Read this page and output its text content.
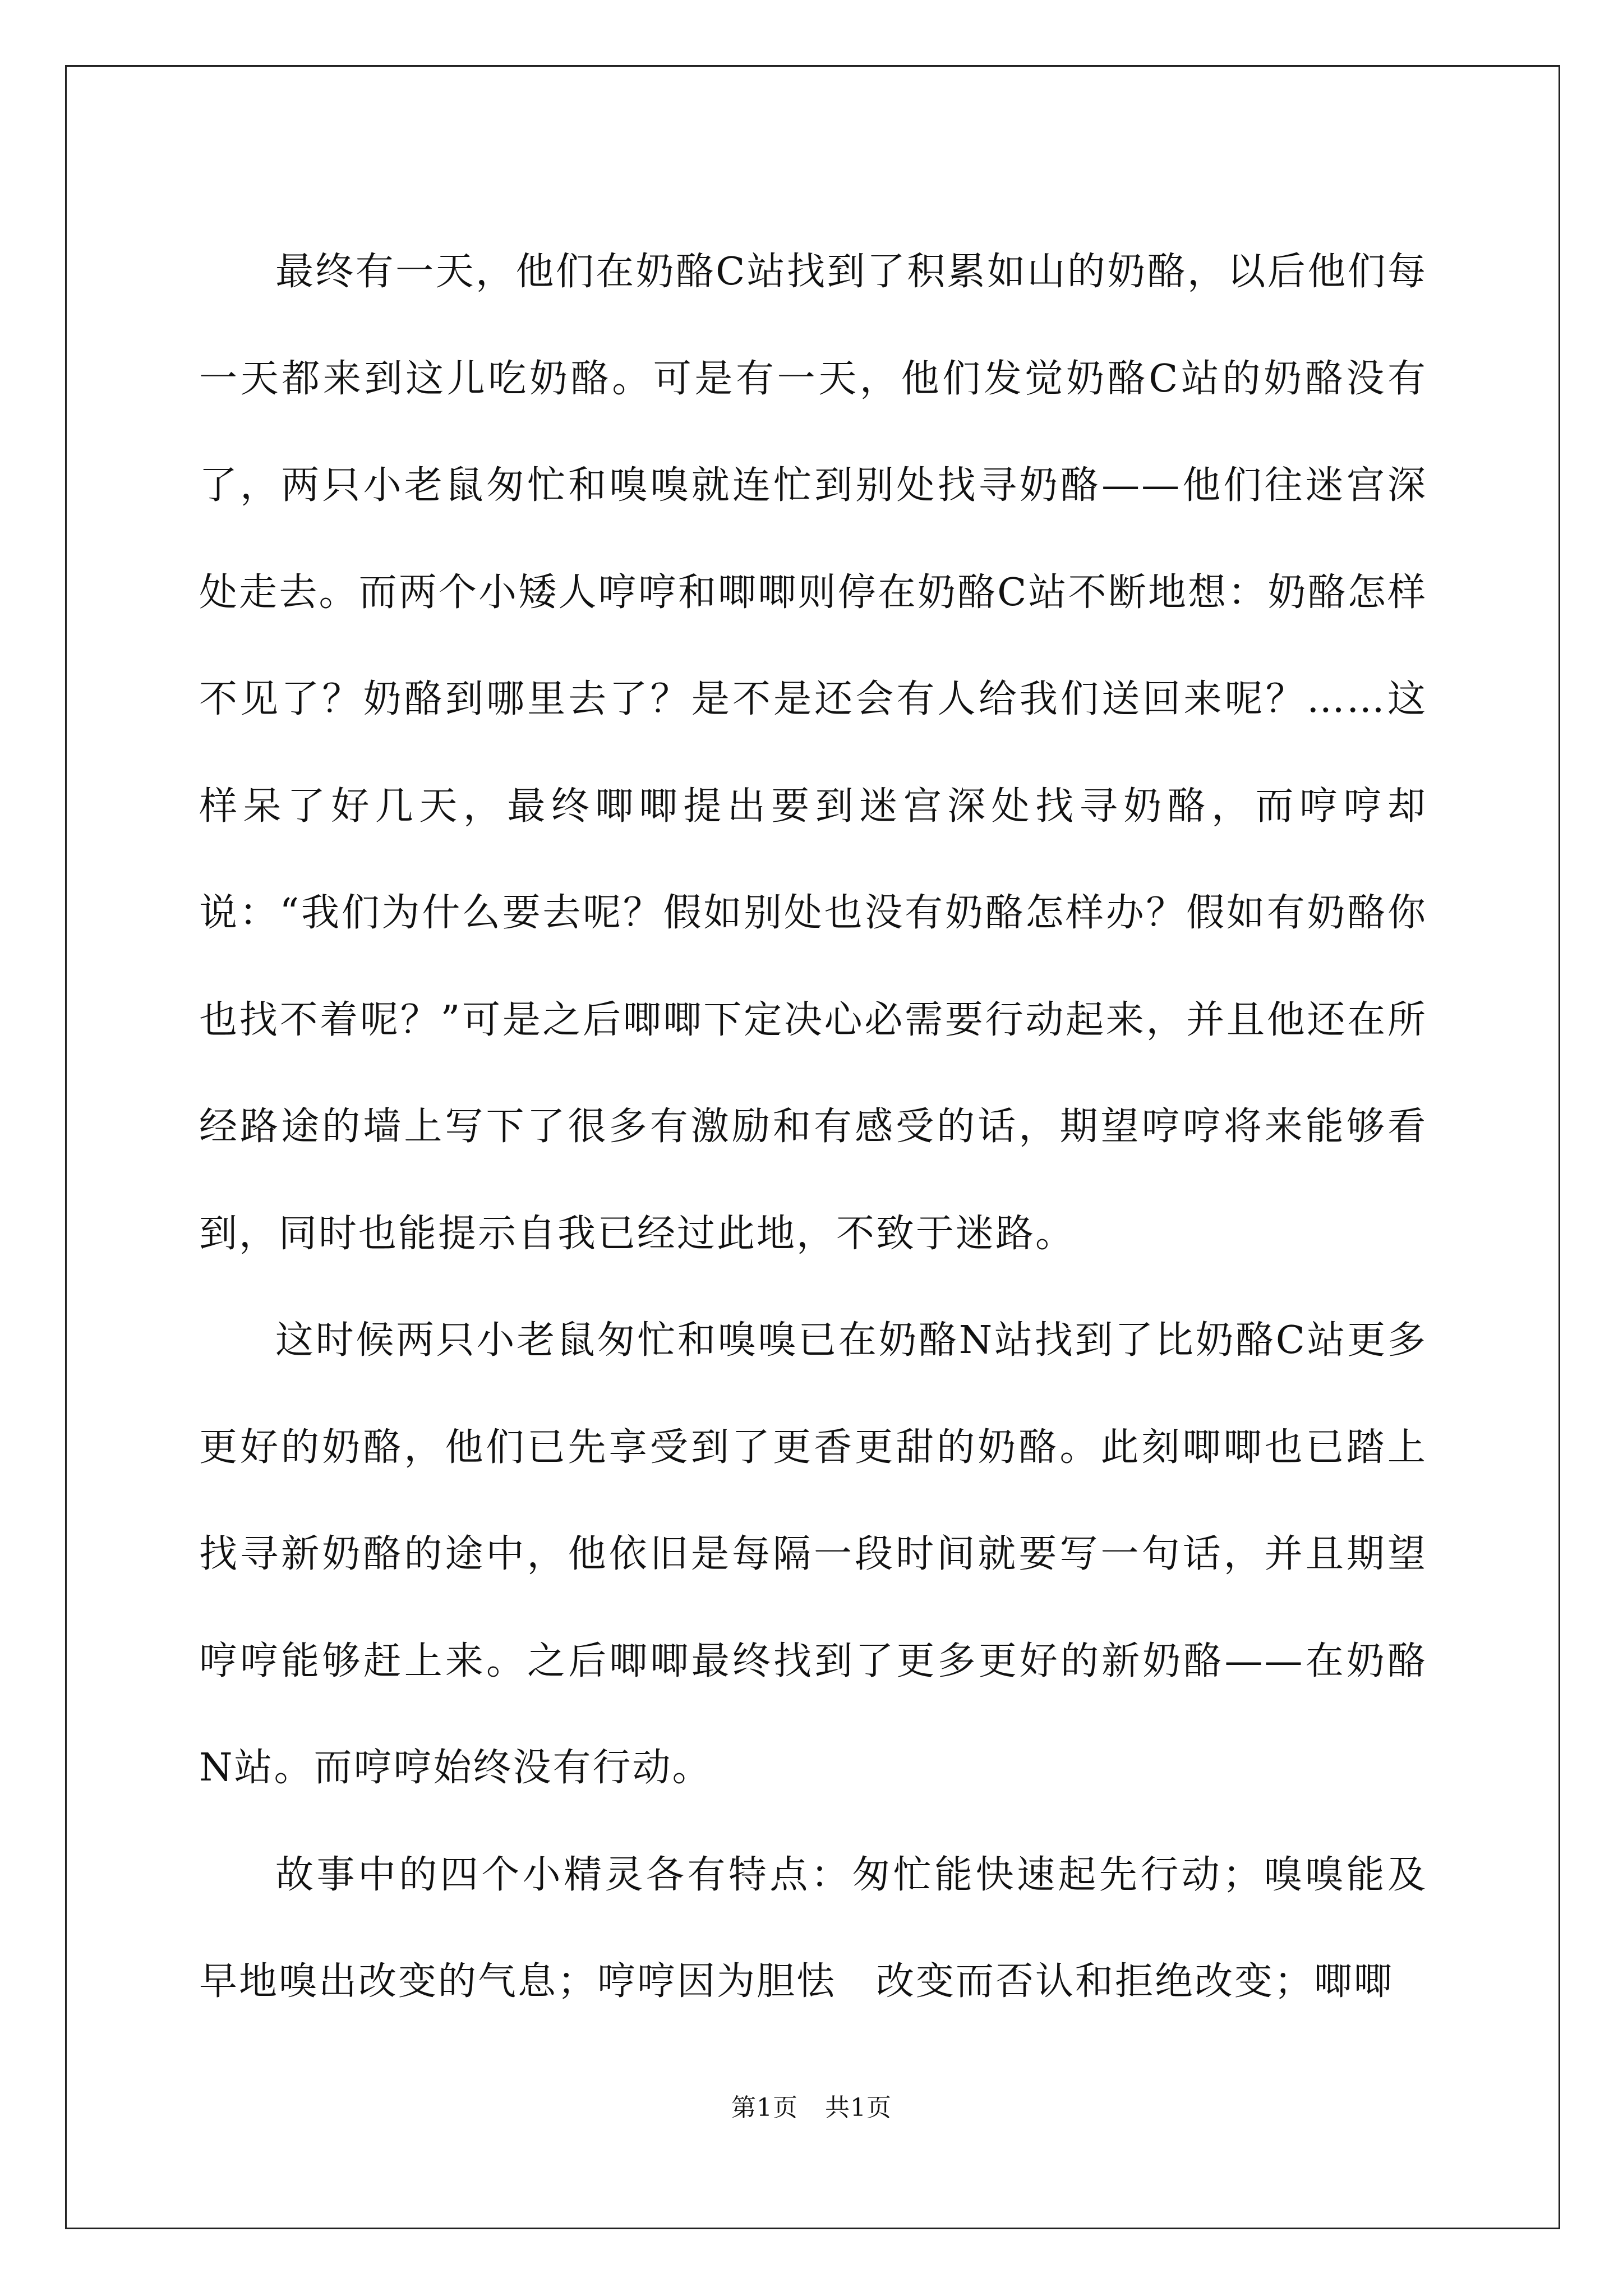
最终有一天，他们在奶酪C站找到了积累如山的奶酪，以后他们每一天都来到这儿吃奶酪。可是有一天，他们发觉奶酪C站的奶酪没有了，两只小老鼠匆忙和嗅嗅就连忙到别处找寻奶酪——他们往迷宫深处走去。而两个小矮人哼哼和唧唧则停在奶酪C站不断地想：奶酪怎样不见了？奶酪到哪里去了？是不是还会有人给我们送回来呢？……这样呆了好几天，最终唧唧提出要到迷宫深处找寻奶酪，而哼哼却说：“我们为什么要去呢？假如别处也没有奶酪怎样办？假如有奶酪你也找不着呢？”可是之后唧唧下定决心必需要行动起来，并且他还在所经路途的墙上写下了很多有激励和有感受的话，期望哼哼将来能够看到，同时也能提示自我已经过此地，不致于迷路。

这时候两只小老鼠匆忙和嗅嗅已在奶酪N站找到了比奶酪C站更多更好的奶酪，他们已先享受到了更香更甜的奶酪。此刻唧唧也已踏上找寻新奶酪的途中，他依旧是每隔一段时间就要写一句话，并且期望哼哼能够赶上来。之后唧唧最终找到了更多更好的新奶酪——在奶酪N站。而哼哼始终没有行动。

故事中的四个小精灵各有特点：匆忙能快速起先行动；嗅嗅能及早地嗅出改变的气息；哼哼因为胆怯　改变而否认和拒绝改变；唧唧

第1页 共1页
